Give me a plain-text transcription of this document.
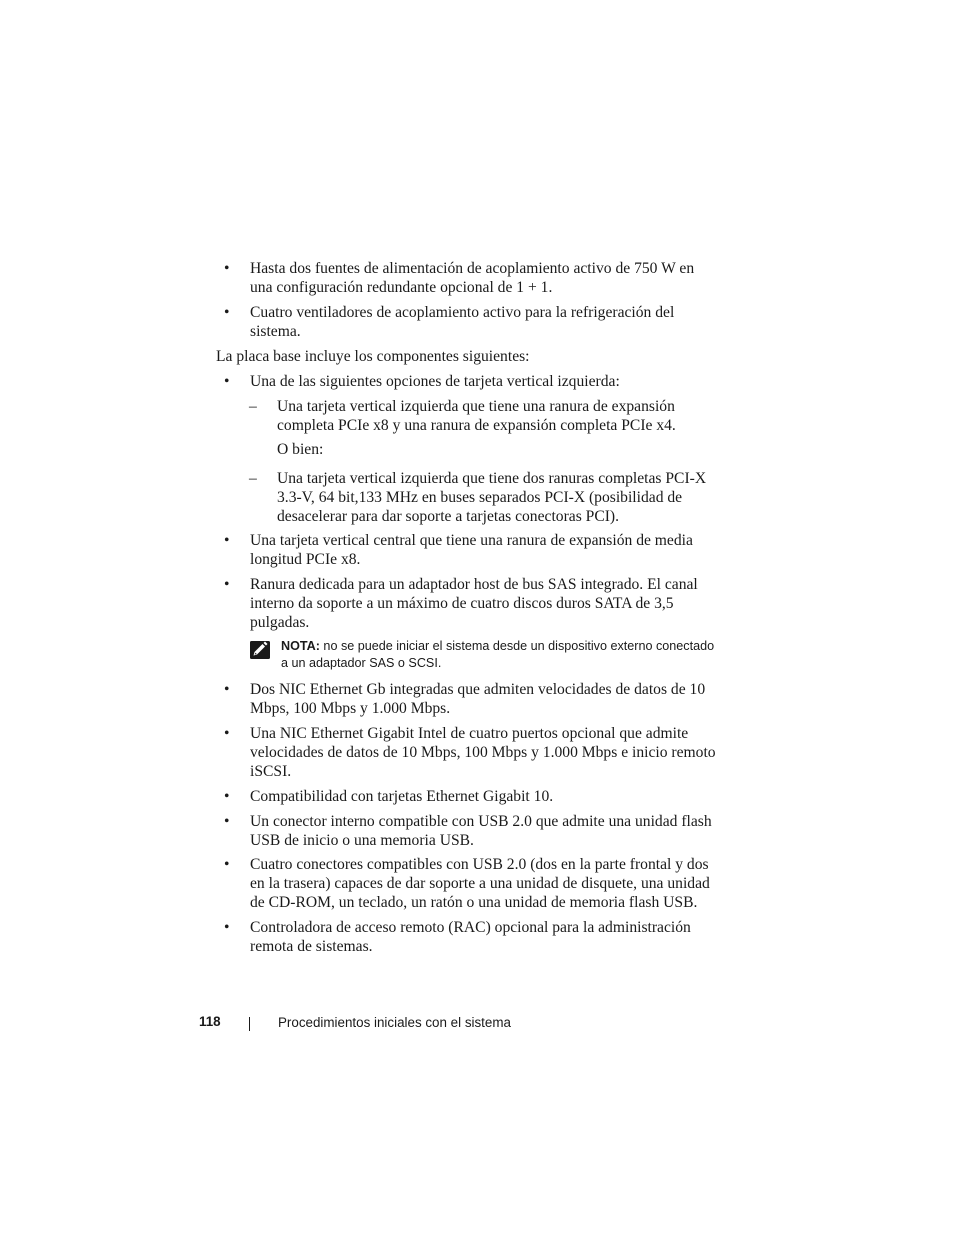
• Hasta dos fuentes de alimentación de acoplamiento activo de 750 W en una configuración redundante opcional de 1 + 1.
• Cuatro ventiladores de acoplamiento activo para la refrigeración del sistema.
La placa base incluye los componentes siguientes:
• Una de las siguientes opciones de tarjeta vertical izquierda:
– Una tarjeta vertical izquierda que tiene una ranura de expansión completa PCIe x8 y una ranura de expansión completa PCIe x4.
O bien:
– Una tarjeta vertical izquierda que tiene dos ranuras completas PCI-X 3.3-V, 64 bit,133 MHz en buses separados PCI-X (posibilidad de desacelerar para dar soporte a tarjetas conectoras PCI).
• Una tarjeta vertical central que tiene una ranura de expansión de media longitud PCIe x8.
• Ranura dedicada para un adaptador host de bus SAS integrado. El canal interno da soporte a un máximo de cuatro discos duros SATA de 3,5 pulgadas.
NOTA: no se puede iniciar el sistema desde un dispositivo externo conectado a un adaptador SAS o SCSI.
• Dos NIC Ethernet Gb integradas que admiten velocidades de datos de 10 Mbps, 100 Mbps y 1.000 Mbps.
• Una NIC Ethernet Gigabit Intel de cuatro puertos opcional que admite velocidades de datos de 10 Mbps, 100 Mbps y 1.000 Mbps e inicio remoto iSCSI.
• Compatibilidad con tarjetas Ethernet Gigabit 10.
• Un conector interno compatible con USB 2.0 que admite una unidad flash USB de inicio o una memoria USB.
• Cuatro conectores compatibles con USB 2.0 (dos en la parte frontal y dos en la trasera) capaces de dar soporte a una unidad de disquete, una unidad de CD-ROM, un teclado, un ratón o una unidad de memoria flash USB.
• Controladora de acceso remoto (RAC) opcional para la administración remota de sistemas.
118	Procedimientos iniciales con el sistema
